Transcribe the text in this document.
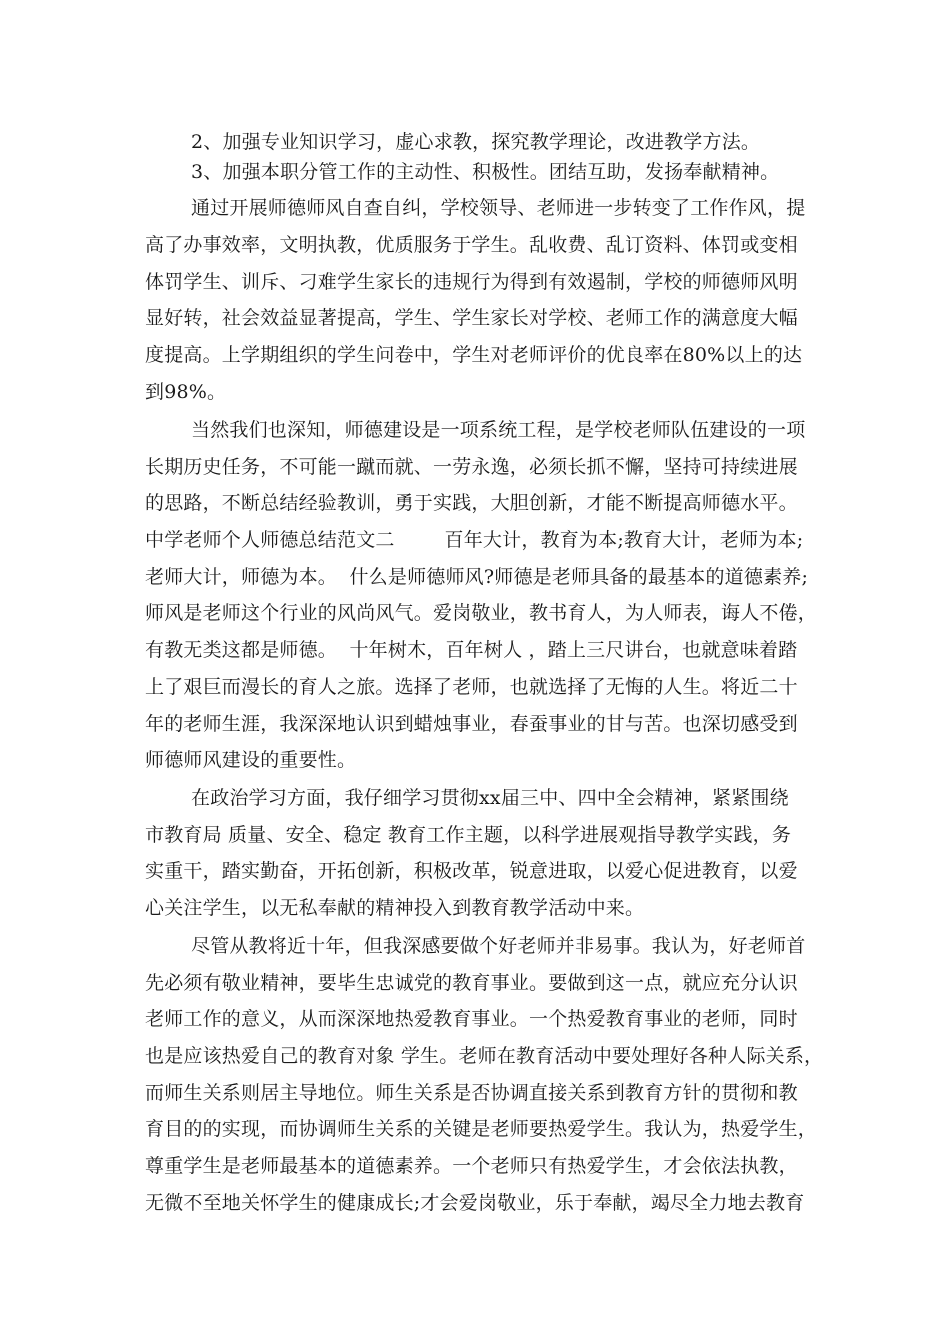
2、加强专业知识学习，虚心求教，探究教学理论，改进教学方法。
3、加强本职分管工作的主动性、积极性。团结互助，发扬奉献精神。
通过开展师德师风自查自纠，学校领导、老师进一步转变了工作作风，提
高了办事效率，文明执教，优质服务于学生。乱收费、乱订资料、体罚或变相
体罚学生、训斥、刁难学生家长的违规行为得到有效遏制，学校的师德师风明
显好转，社会效益显著提高，学生、学生家长对学校、老师工作的满意度大幅
度提高。上学期组织的学生问卷中，学生对老师评价的优良率在80%以上的达
到98%。
当然我们也深知，师德建设是一项系统工程，是学校老师队伍建设的一项
长期历史任务，不可能一蹴而就、一劳永逸，必须长抓不懈，坚持可持续进展
的思路，不断总结经验教训，勇于实践，大胆创新，才能不断提高师德水平。
中学老师个人师德总结范文二        百年大计，教育为本;教育大计，老师为本;
老师大计，师德为本。  什么是师德师风?师德是老师具备的最基本的道德素养;
师风是老师这个行业的风尚风气。爱岗敬业，教书育人，为人师表，诲人不倦，
有教无类这都是师德。  十年树木，百年树人 ，踏上三尺讲台，也就意味着踏
上了艰巨而漫长的育人之旅。选择了老师，也就选择了无悔的人生。将近二十
年的老师生涯，我深深地认识到蜡烛事业，春蚕事业的甘与苦。也深切感受到
师德师风建设的重要性。
在政治学习方面，我仔细学习贯彻xx届三中、四中全会精神，紧紧围绕
市教育局 质量、安全、稳定 教育工作主题，以科学进展观指导教学实践，务
实重干，踏实勤奋，开拓创新，积极改革，锐意进取，以爱心促进教育，以爱
心关注学生，以无私奉献的精神投入到教育教学活动中来。
尽管从教将近十年，但我深感要做个好老师并非易事。我认为，好老师首
先必须有敬业精神，要毕生忠诚党的教育事业。要做到这一点，就应充分认识
老师工作的意义，从而深深地热爱教育事业。一个热爱教育事业的老师，同时
也是应该热爱自己的教育对象 学生。老师在教育活动中要处理好各种人际关系，
而师生关系则居主导地位。师生关系是否协调直接关系到教育方针的贯彻和教
育目的的实现，而协调师生关系的关键是老师要热爱学生。我认为，热爱学生，
尊重学生是老师最基本的道德素养。一个老师只有热爱学生，才会依法执教，
无微不至地关怀学生的健康成长;才会爱岗敬业，乐于奉献，竭尽全力地去教育
